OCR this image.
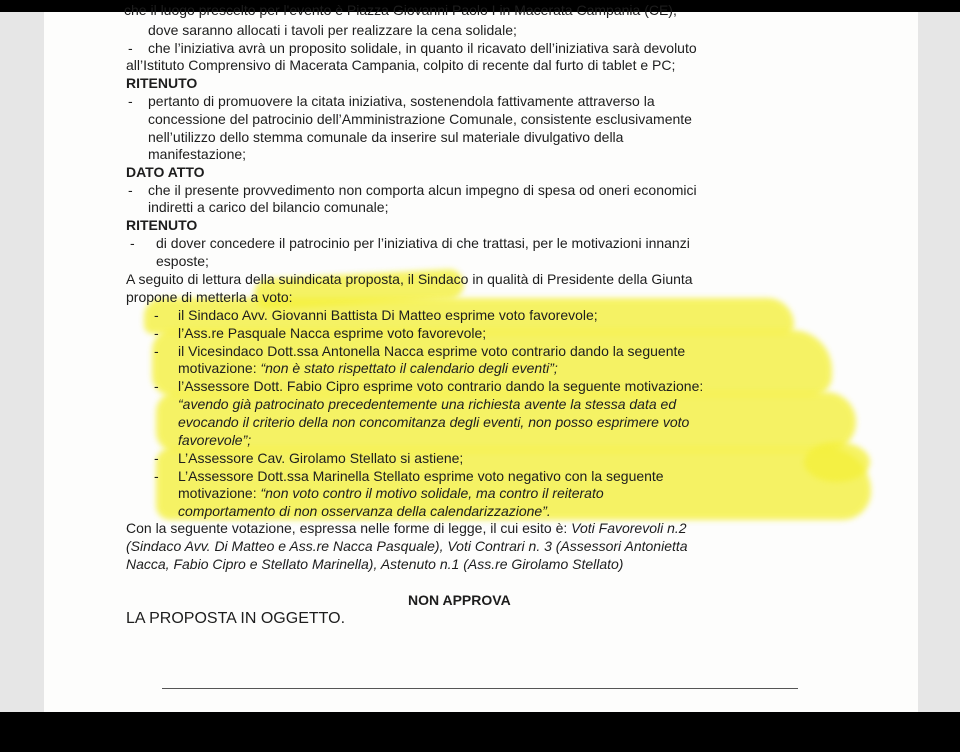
che il luogo prescelto per l'evento è Piazza Giovanni Paolo I in Macerata Campania (CE),
dove saranno allocati i tavoli per realizzare la cena solidale;
- che l’iniziativa avrà un proposito solidale, in quanto il ricavato dell’iniziativa sarà devoluto
all’Istituto Comprensivo di Macerata Campania, colpito di recente dal furto di tablet e PC;
RITENUTO
- pertanto di promuovere la citata iniziativa, sostenendola fattivamente attraverso la
concessione del patrocinio dell’Amministrazione Comunale, consistente esclusivamente
nell’utilizzo dello stemma comunale da inserire sul materiale divulgativo della
manifestazione;
DATO ATTO
- che il presente provvedimento non comporta alcun impegno di spesa od oneri economici
indiretti a carico del bilancio comunale;
RITENUTO
- di dover concedere il patrocinio per l’iniziativa di che trattasi, per le motivazioni innanzi
esposte;
A seguito di lettura della suindicata proposta, il Sindaco in qualità di Presidente della Giunta
propone di metterla a voto:
- il Sindaco Avv. Giovanni Battista Di Matteo esprime voto favorevole;
- l’Ass.re Pasquale Nacca esprime voto favorevole;
- il Vicesindaco Dott.ssa Antonella Nacca esprime voto contrario dando la seguente
motivazione: “non è stato rispettato il calendario degli eventi”;
- l’Assessore Dott. Fabio Cipro esprime voto contrario dando la seguente motivazione:
“avendo già patrocinato precedentemente una richiesta avente la stessa data ed
evocando il criterio della non concomitanza degli eventi, non posso esprimere voto
favorevole”;
- L’Assessore Cav. Girolamo Stellato si astiene;
- L’Assessore Dott.ssa Marinella Stellato esprime voto negativo con la seguente
motivazione: “non voto contro il motivo solidale, ma contro il reiterato
comportamento di non osservanza della calendarizzazione”.
Con la seguente votazione, espressa nelle forme di legge, il cui esito è: Voti Favorevoli n.2
(Sindaco Avv. Di Matteo e Ass.re Nacca Pasquale), Voti Contrari n. 3 (Assessori Antonietta
Nacca, Fabio Cipro e Stellato Marinella), Astenuto n.1 (Ass.re Girolamo Stellato)
NON APPROVA
LA PROPOSTA IN OGGETTO.
